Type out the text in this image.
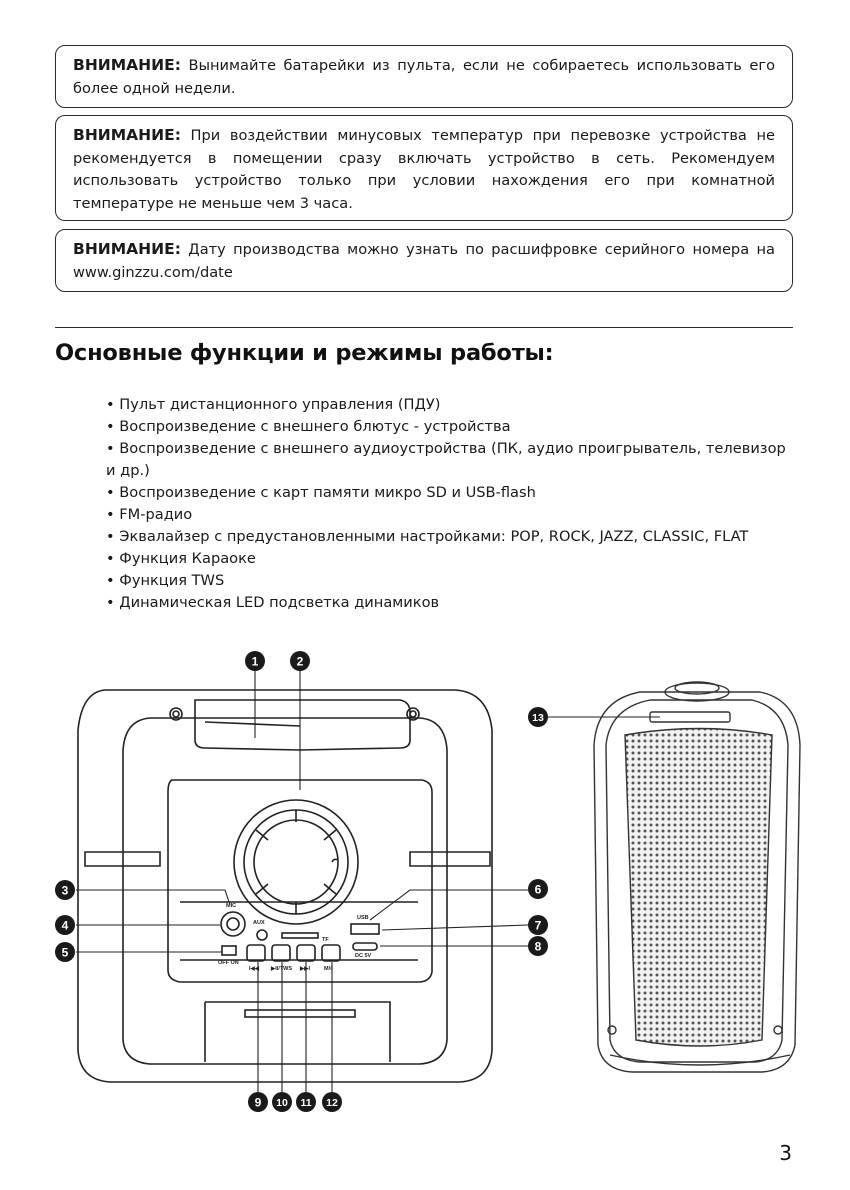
ВНИМАНИЕ: Вынимайте батарейки из пульта, если не собираетесь использовать его более одной недели.
ВНИМАНИЕ: При воздействии минусовых температур при перевозке устройства не рекомендуется в помещении сразу включать устройство в сеть. Рекомендуем использовать устройство только при условии нахождения его при комнатной температуре не меньше чем 3 часа.
ВНИМАНИЕ: Дату производства можно узнать по расшифровке серийного номера на www.ginzzu.com/date
Основные функции и режимы работы:
• Пульт дистанционного управления (ПДУ)
• Воспроизведение с внешнего блютус - устройства
• Воспроизведение с внешнего аудиоустройства (ПК, аудио проигрыватель, телевизор и др.)
• Воспроизведение с карт памяти микро SD и USB-flash
• FM-радио
• Эквалайзер с предустановленными настройками: POP, ROCK, JAZZ, CLASSIC, FLAT
• Функция Караоке
• Функция TWS
• Динамическая LED подсветка динамиков
MIC
AUX
OFF ON
USB
TF
DC 5V
I◀◀ ▶II/TWS ▶▶I	M/◊
1	2
3
4
5
6
7
8
9 10 11 12
13
3
